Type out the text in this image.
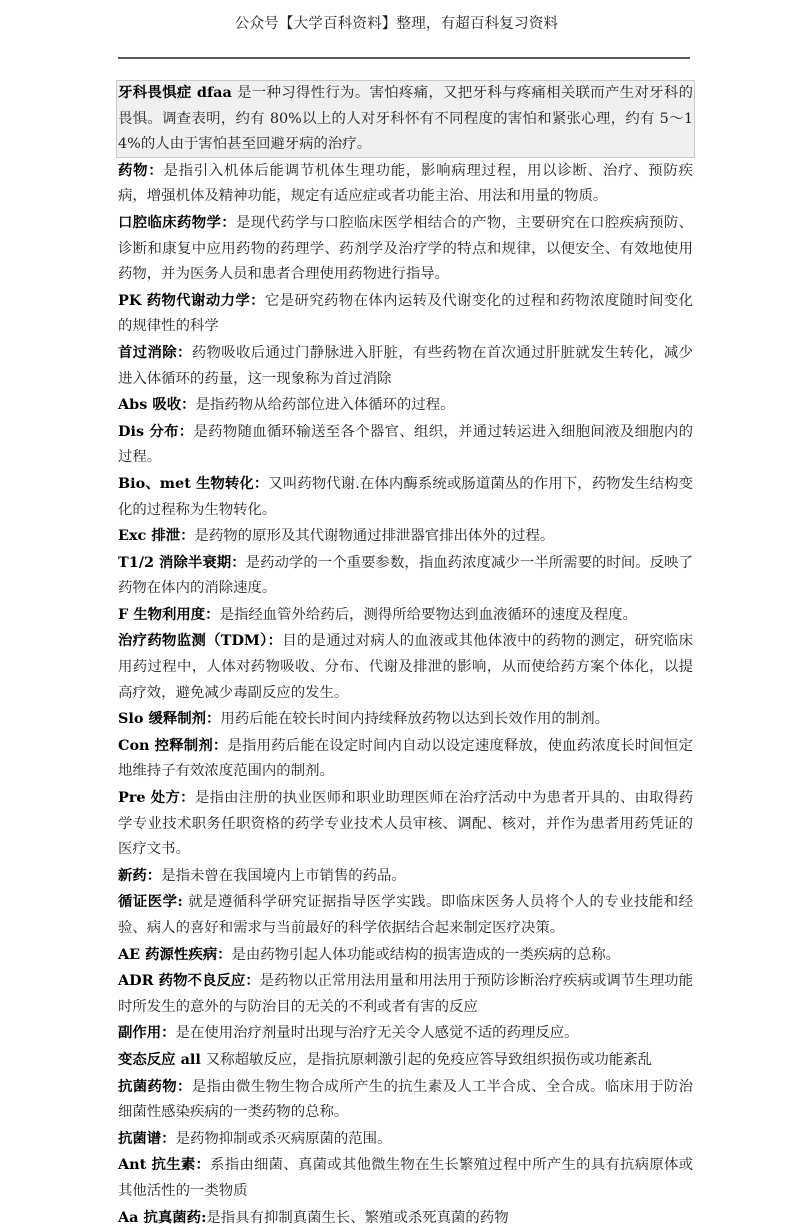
公众号【大学百科资料】整理，有超百科复习资料

牙科畏惧症 dfaa 是一种习得性行为。害怕疼痛，又把牙科与疼痛相关联而产生对牙科的畏惧。调查表明，约有 80%以上的人对牙科怀有不同程度的害怕和紧张心理，约有 5～14%的人由于害怕甚至回避牙病的治疗。

药物：是指引入机体后能调节机体生理功能，影响病理过程，用以诊断、治疗、预防疾病，增强机体及精神功能，规定有适应症或者功能主治、用法和用量的物质。

口腔临床药物学：是现代药学与口腔临床医学相结合的产物，主要研究在口腔疾病预防、诊断和康复中应用药物的药理学、药剂学及治疗学的特点和规律，以便安全、有效地使用药物，并为医务人员和患者合理使用药物进行指导。

PK 药物代谢动力学：它是研究药物在体内运转及代谢变化的过程和药物浓度随时间变化的规律性的科学

首过消除：药物吸收后通过门静脉进入肝脏，有些药物在首次通过肝脏就发生转化，减少进入体循环的药量，这一现象称为首过消除

Abs 吸收：是指药物从给药部位进入体循环的过程。

Dis 分布：是药物随血循环输送至各个器官、组织，并通过转运进入细胞间液及细胞内的过程。

Bio、met 生物转化：又叫药物代谢.在体内酶系统或肠道菌丛的作用下，药物发生结构变化的过程称为生物转化。

Exc 排泄：是药物的原形及其代谢物通过排泄器官排出体外的过程。

T1/2 消除半衰期：是药动学的一个重要参数，指血药浓度减少一半所需要的时间。反映了药物在体内的消除速度。

F 生物利用度：是指经血管外给药后，测得所给要物达到血液循环的速度及程度。

治疗药物监测（TDM）：目的是通过对病人的血液或其他体液中的药物的测定，研究临床用药过程中，人体对药物吸收、分布、代谢及排泄的影响，从而使给药方案个体化，以提高疗效，避免减少毒副反应的发生。

Slo 缓释制剂：用药后能在较长时间内持续释放药物以达到长效作用的制剂。

Con 控释制剂：是指用药后能在设定时间内自动以设定速度释放，使血药浓度长时间恒定地维持子有效浓度范围内的制剂。

Pre 处方：是指由注册的执业医师和职业助理医师在治疗活动中为患者开具的、由取得药学专业技术职务任职资格的药学专业技术人员审核、调配、核对，并作为患者用药凭证的医疗文书。

新药：是指未曾在我国境内上市销售的药品。

循证医学: 就是遵循科学研究证据指导医学实践。即临床医务人员将个人的专业技能和经验、病人的喜好和需求与当前最好的科学依据结合起来制定医疗决策。

AE 药源性疾病：是由药物引起人体功能或结构的损害造成的一类疾病的总称。

ADR 药物不良反应：是药物以正常用法用量和用法用于预防诊断治疗疾病或调节生理功能时所发生的意外的与防治目的无关的不利或者有害的反应

副作用：是在使用治疗剂量时出现与治疗无关令人感觉不适的药理反应。

变态反应 all 又称超敏反应，是指抗原刺激引起的免疫应答导致组织损伤或功能紊乱

抗菌药物：是指由微生物生物合成所产生的抗生素及人工半合成、全合成。临床用于防治细菌性感染疾病的一类药物的总称。

抗菌谱：是药物抑制或杀灭病原菌的范围。

Ant 抗生素：系指由细菌、真菌或其他微生物在生长繁殖过程中所产生的具有抗病原体或其他活性的一类物质

Aa 抗真菌药:是指具有抑制真菌生长、繁殖或杀死真菌的药物
